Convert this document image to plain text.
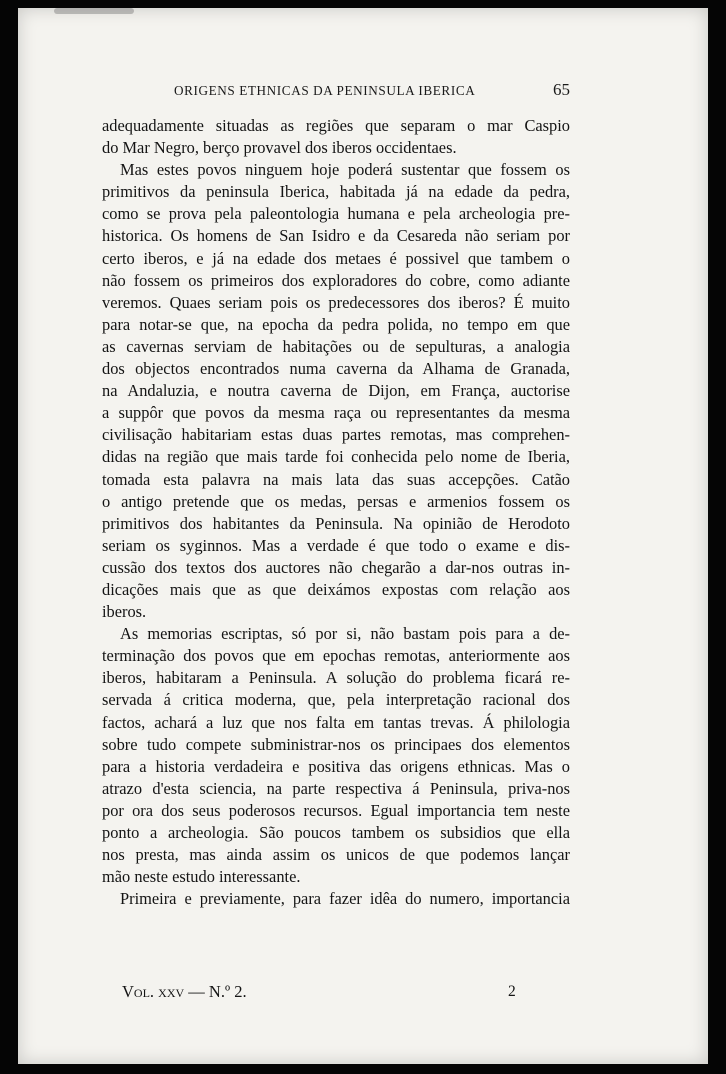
ORIGENS ETHNICAS DA PENINSULA IBERICA	65
adequadamente situadas as regiões que separam o mar Caspio
do Mar Negro, berço provavel dos iberos occidentaes.
Mas estes povos ninguem hoje poderá sustentar que fossem os
primitivos da peninsula Iberica, habitada já na edade da pedra,
como se prova pela paleontologia humana e pela archeologia pre-
historica. Os homens de San Isidro e da Cesareda não seriam por
certo iberos, e já na edade dos metaes é possivel que tambem o
não fossem os primeiros dos exploradores do cobre, como adiante
veremos. Quaes seriam pois os predecessores dos iberos? É muito
para notar-se que, na epocha da pedra polida, no tempo em que
as cavernas serviam de habitações ou de sepulturas, a analogia
dos objectos encontrados numa caverna da Alhama de Granada,
na Andaluzia, e noutra caverna de Dijon, em França, auctorise
a suppôr que povos da mesma raça ou representantes da mesma
civilisação habitariam estas duas partes remotas, mas comprehen-
didas na região que mais tarde foi conhecida pelo nome de Iberia,
tomada esta palavra na mais lata das suas accepções. Catão
o antigo pretende que os medas, persas e armenios fossem os
primitivos dos habitantes da Peninsula. Na opinião de Herodoto
seriam os syginnos. Mas a verdade é que todo o exame e dis-
cussão dos textos dos auctores não chegarão a dar-nos outras in-
dicações mais que as que deixámos expostas com relação aos
iberos.
As memorias escriptas, só por si, não bastam pois para a de-
terminação dos povos que em epochas remotas, anteriormente aos
iberos, habitaram a Peninsula. A solução do problema ficará re-
servada á critica moderna, que, pela interpretação racional dos
factos, achará a luz que nos falta em tantas trevas. Á philologia
sobre tudo compete subministrar-nos os principaes dos elementos
para a historia verdadeira e positiva das origens ethnicas. Mas o
atrazo d'esta sciencia, na parte respectiva á Peninsula, priva-nos
por ora dos seus poderosos recursos. Egual importancia tem neste
ponto a archeologia. São poucos tambem os subsidios que ella
nos presta, mas ainda assim os unicos de que podemos lançar
mão neste estudo interessante.
Primeira e previamente, para fazer idêa do numero, importancia
Vol. xxv — N.º 2.	2
